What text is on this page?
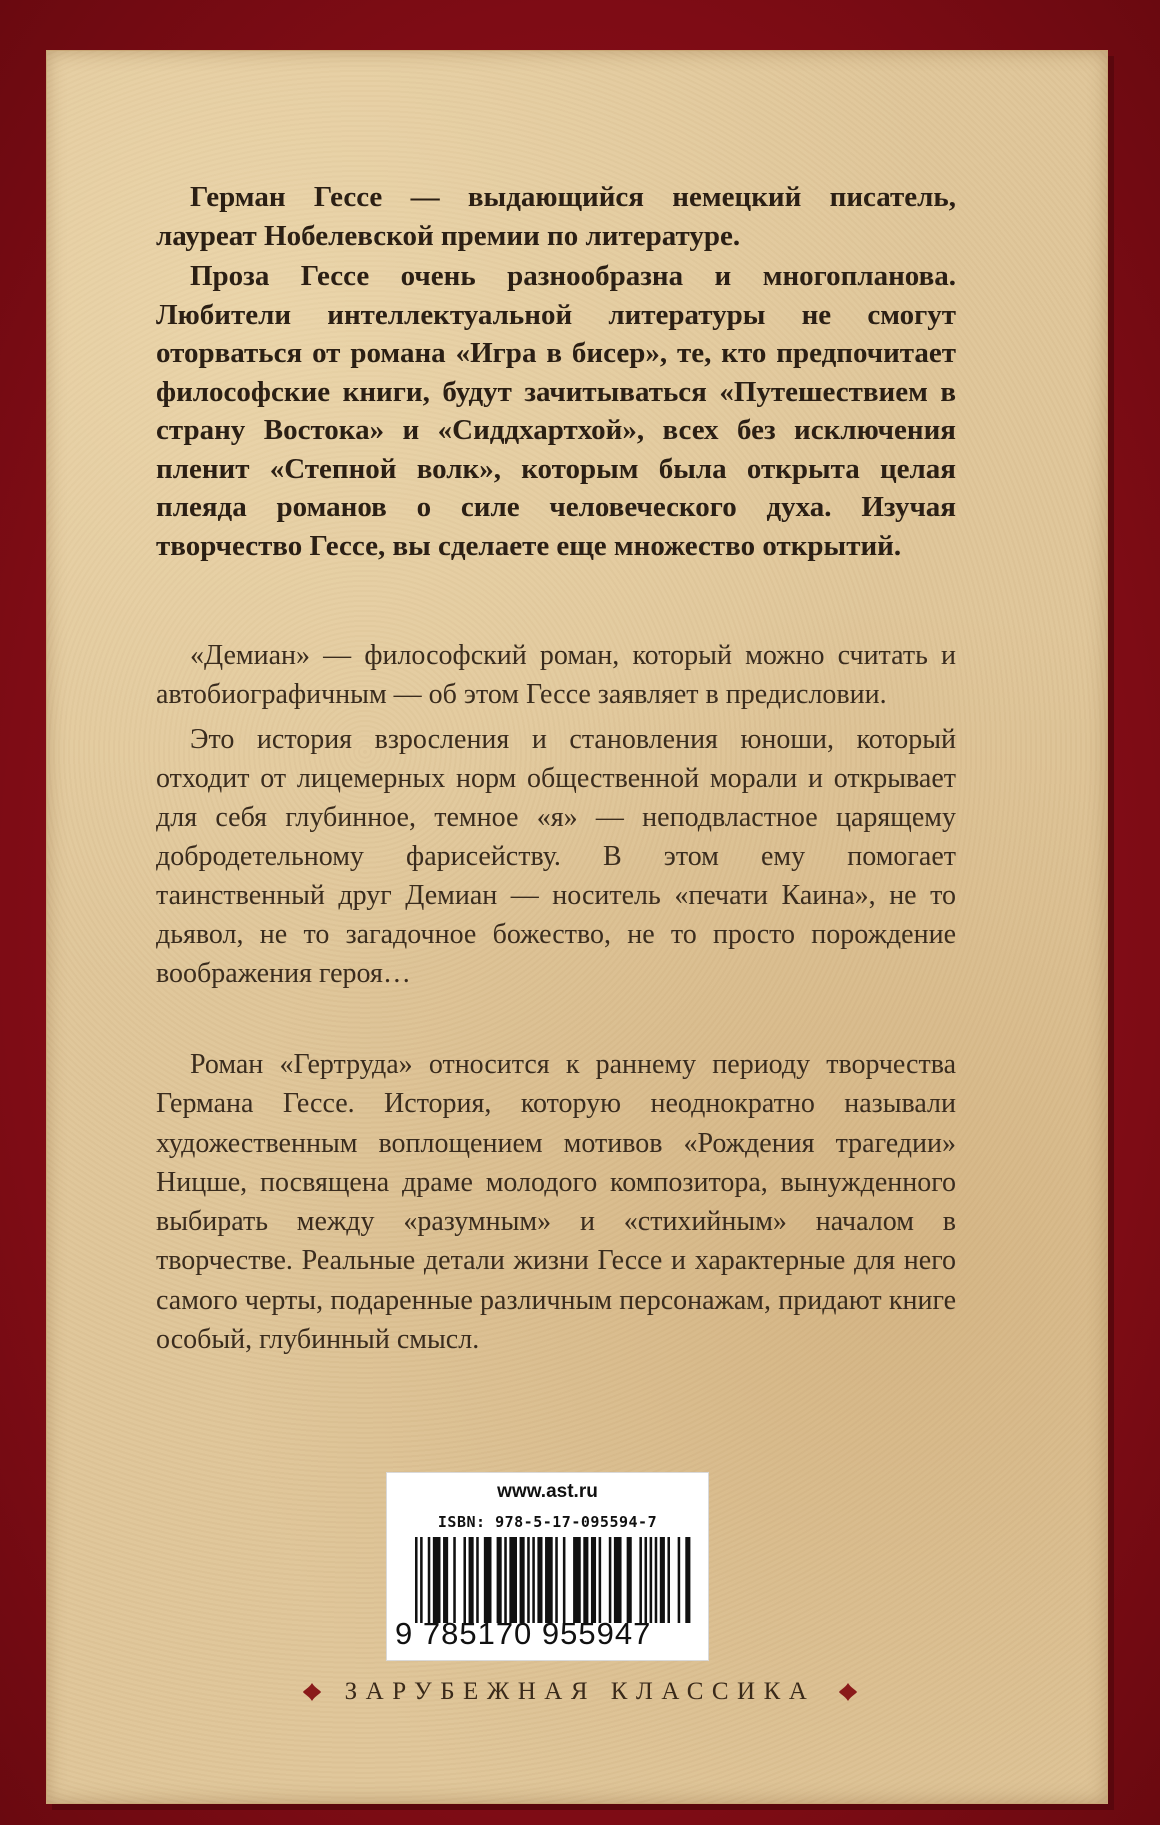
Герман Гессе — выдающийся немецкий писатель, лауреат Нобелевской премии по литературе.

Проза Гессе очень разнообразна и многопланова. Любители интеллектуальной литературы не смогут оторваться от романа «Игра в бисер», те, кто предпочитает философские книги, будут зачитываться «Путешествием в страну Востока» и «Сиддхартхой», всех без исключения пленит «Степной волк», которым была открыта целая плеяда романов о силе человеческого духа. Изучая творчество Гессе, вы сделаете еще множество открытий.

«Демиан» — философский роман, который можно считать и автобиографичным — об этом Гессе заявляет в предисловии.

Это история взросления и становления юноши, который отходит от лицемерных норм общественной морали и открывает для себя глубинное, темное «я» — неподвластное царящему добродетельному фарисейству. В этом ему помогает таинственный друг Демиан — носитель «печати Каина», не то дьявол, не то загадочное божество, не то просто порождение воображения героя…

Роман «Гертруда» относится к раннему периоду творчества Германа Гессе. История, которую неоднократно называли художественным воплощением мотивов «Рождения трагедии» Ницше, посвящена драме молодого композитора, вынужденного выбирать между «разумным» и «стихийным» началом в творчестве. Реальные детали жизни Гессе и характерные для него самого черты, подаренные различным персонажам, придают книге особый, глубинный смысл.

www.ast.ru
ISBN: 978-5-17-095594-7
9 785170 955947
ЗАРУБЕЖНАЯ КЛАССИКА
